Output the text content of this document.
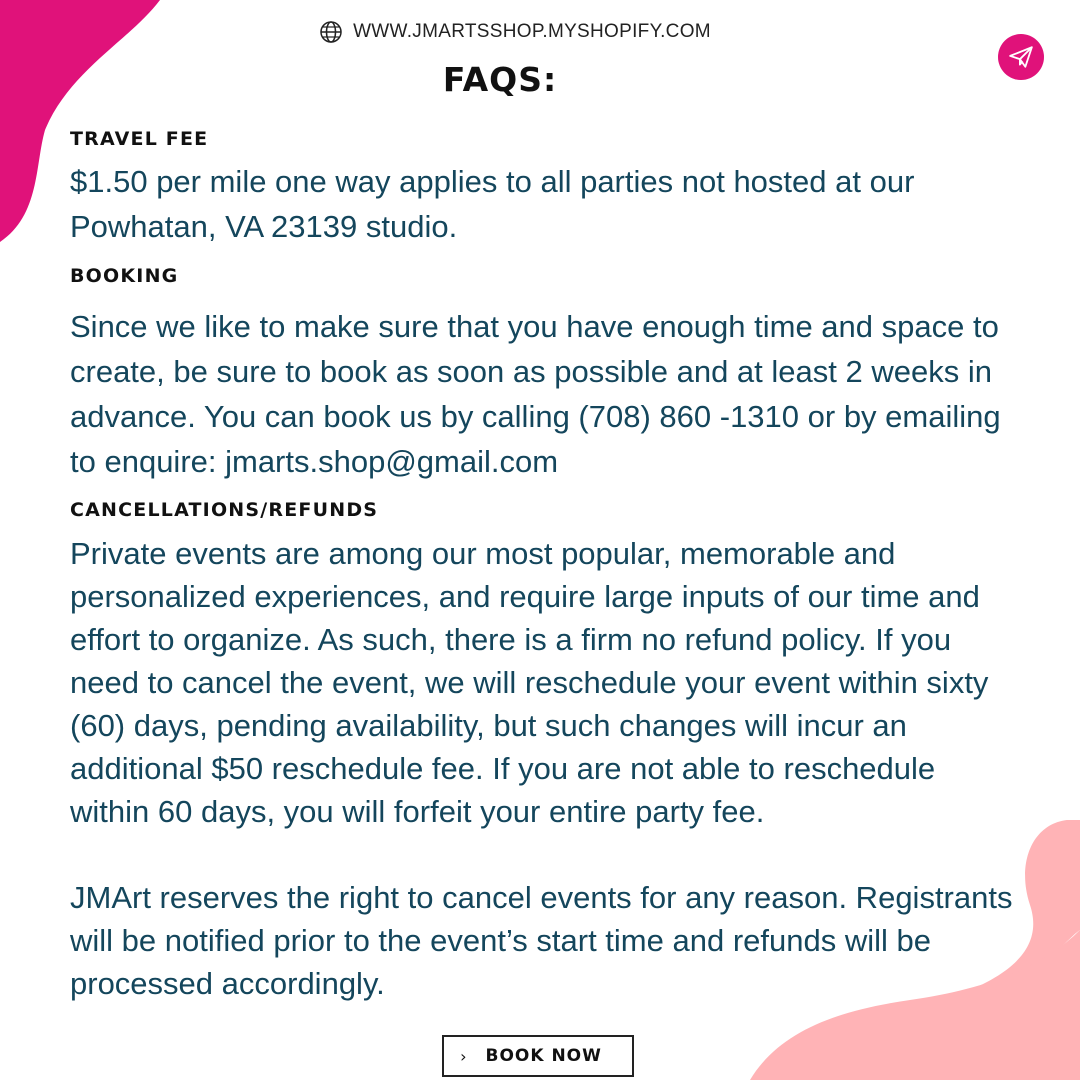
WWW.JMARTSSHOP.MYSHOPIFY.COM
FAQS:
TRAVEL FEE

$1.50 per mile one way applies to all parties not hosted at our Powhatan, VA 23139 studio.

BOOKING

Since we like to make sure that you have enough time and space to create, be sure to book as soon as possible and at least 2 weeks in advance. You can book us by calling (708) 860 -1310 or by emailing to enquire: jmarts.shop@gmail.com

CANCELLATIONS/REFUNDS

Private events are among our most popular, memorable and personalized experiences, and require large inputs of our time and effort to organize. As such, there is a firm no refund policy. If you need to cancel the event, we will reschedule your event within sixty (60) days, pending availability, but such changes will incur an additional $50 reschedule fee. If you are not able to reschedule within 60 days, you will forfeit your entire party fee.

JMArt reserves the right to cancel events for any reason. Registrants will be notified prior to the event’s start time and refunds will be processed accordingly.

› BOOK NOW
